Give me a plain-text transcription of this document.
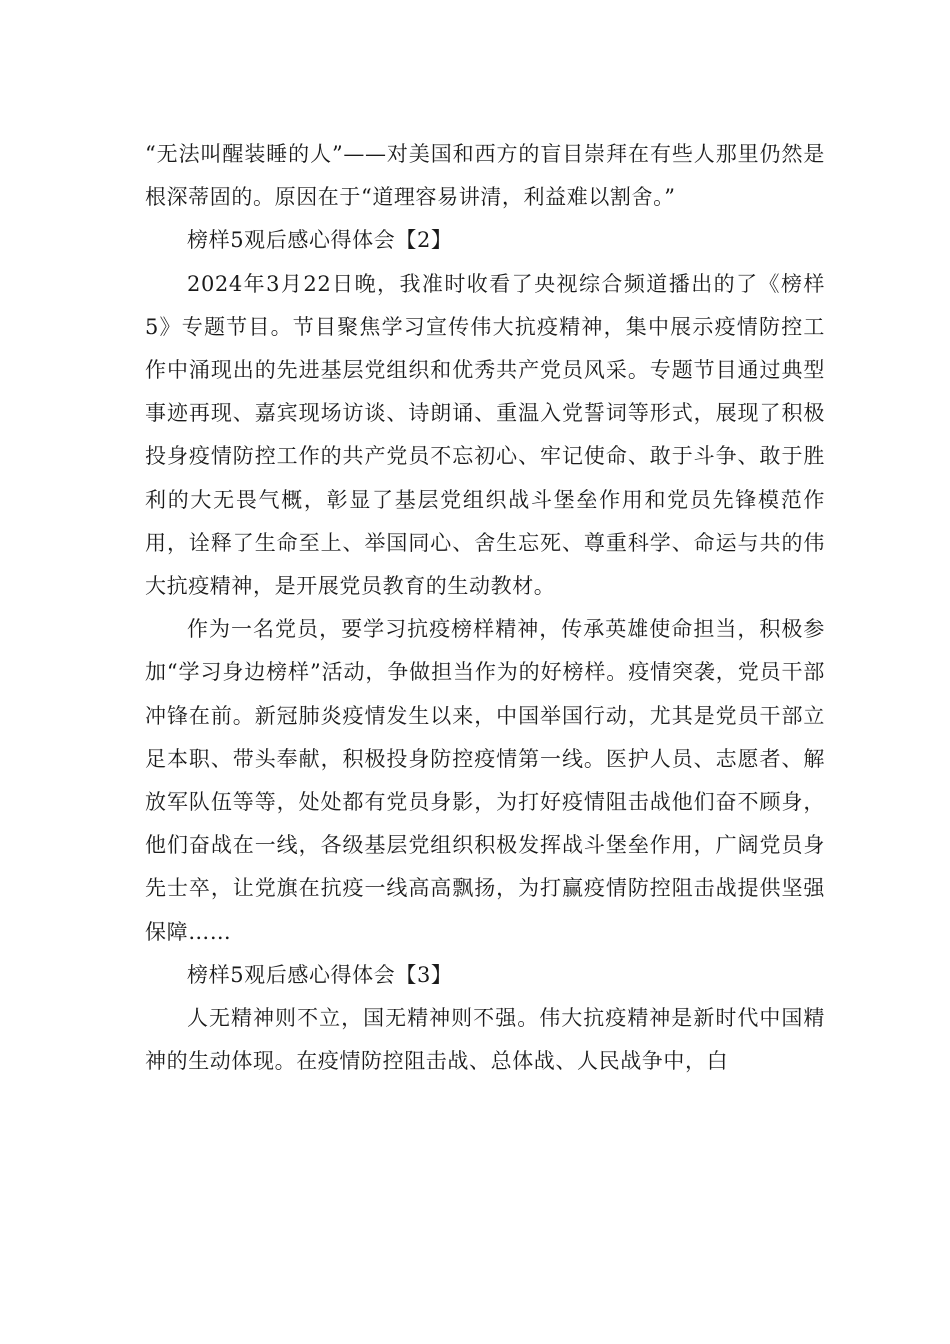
“无法叫醒装睡的人”——对美国和西方的盲目崇拜在有些人那里仍然是根深蒂固的。原因在于“道理容易讲清，利益难以割舍。”

榜样5观后感心得体会【2】

2024年3月22日晚，我准时收看了央视综合频道播出的了《榜样5》专题节目。节目聚焦学习宣传伟大抗疫精神，集中展示疫情防控工作中涌现出的先进基层党组织和优秀共产党员风采。专题节目通过典型事迹再现、嘉宾现场访谈、诗朗诵、重温入党誓词等形式，展现了积极投身疫情防控工作的共产党员不忘初心、牢记使命、敢于斗争、敢于胜利的大无畏气概，彰显了基层党组织战斗堡垒作用和党员先锋模范作用，诠释了生命至上、举国同心、舍生忘死、尊重科学、命运与共的伟大抗疫精神，是开展党员教育的生动教材。

作为一名党员，要学习抗疫榜样精神，传承英雄使命担当，积极参加“学习身边榜样”活动，争做担当作为的好榜样。疫情突袭，党员干部冲锋在前。新冠肺炎疫情发生以来，中国举国行动，尤其是党员干部立足本职、带头奉献，积极投身防控疫情第一线。医护人员、志愿者、解放军队伍等等，处处都有党员身影，为打好疫情阻击战他们奋不顾身，他们奋战在一线，各级基层党组织积极发挥战斗堡垒作用，广阔党员身先士卒，让党旗在抗疫一线高高飘扬，为打赢疫情防控阻击战提供坚强保障……

榜样5观后感心得体会【3】

人无精神则不立，国无精神则不强。伟大抗疫精神是新时代中国精神的生动体现。在疫情防控阻击战、总体战、人民战争中，白
